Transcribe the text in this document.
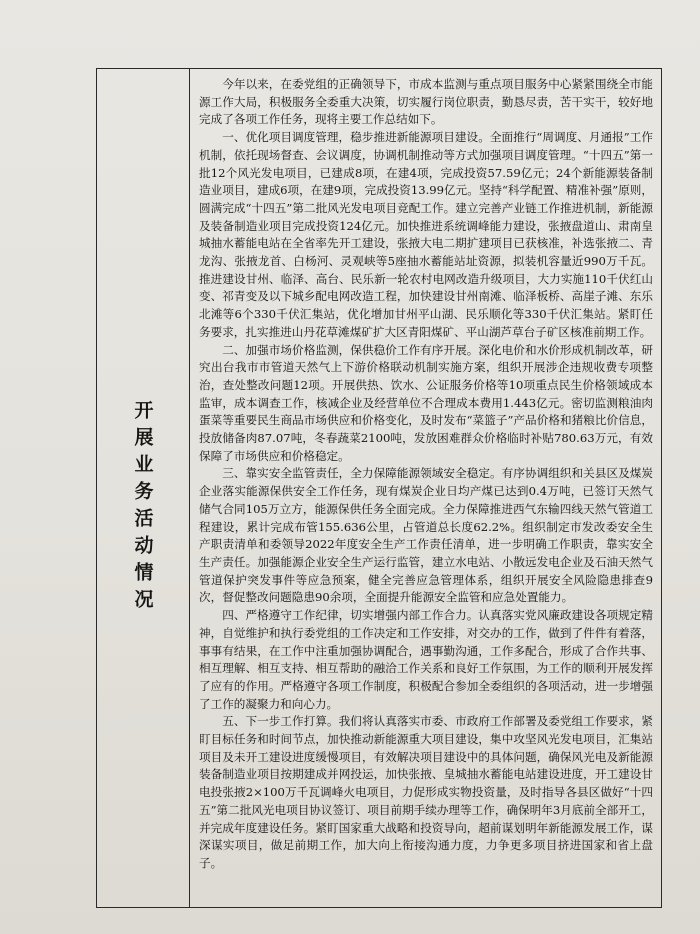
开展业务活动情况

今年以来，在委党组的正确领导下，市成本监测与重点项目服务中心紧紧围绕全市能源工作大局，积极服务全委重大决策，切实履行岗位职责，勤恳尽责，苦干实干，较好地完成了各项工作任务，现将主要工作总结如下。

一、优化项目调度管理，稳步推进新能源项目建设。全面推行“周调度、月通报”工作机制，依托现场督查、会议调度，协调机制推动等方式加强项目调度管理。“十四五”第一批12个风光发电项目，已建成8项，在建4项，完成投资57.59亿元；24个新能源装备制造业项目，建成6项，在建9项，完成投资13.99亿元。坚持“科学配置、精准补强”原则，圆满完成“十四五”第二批风光发电项目竞配工作。建立完善产业链工作推进机制，新能源及装备制造业项目完成投资124亿元。加快推进系统调峰能力建设，张掖盘道山、肃南皇城抽水蓄能电站在全省率先开工建设，张掖大电二期扩建项目已获核准，补选张掖二、青龙沟、张掖龙首、白杨河、灵观峡等5座抽水蓄能站址资源，拟装机容量近990万千瓦。推进建设甘州、临泽、高台、民乐新一轮农村电网改造升级项目，大力实施110千伏红山变、祁青变及以下城乡配电网改造工程，加快建设甘州南滩、临泽板桥、高崖子滩、东乐北滩等6个330千伏汇集站，优化增加甘州平山湖、民乐顺化等330千伏汇集站。紧盯任务要求，扎实推进山丹花草滩煤矿扩大区青阳煤矿、平山湖芦草台子矿区核准前期工作。

二、加强市场价格监测，保供稳价工作有序开展。深化电价和水价形成机制改革，研究出台我市市管道天然气上下游价格联动机制实施方案，组织开展涉企违规收费专项整治，查处整改问题12项。开展供热、饮水、公证服务价格等10项重点民生价格领域成本监审，成本调查工作，核减企业及经营单位不合理成本费用1.443亿元。密切监测粮油肉蛋菜等重要民生商品市场供应和价格变化，及时发布“菜篮子”产品价格和猪粮比价信息，投放储备肉87.07吨，冬春蔬菜2100吨，发放困难群众价格临时补贴780.63万元，有效保障了市场供应和价格稳定。

三、靠实安全监管责任，全力保障能源领域安全稳定。有序协调组织和关县区及煤炭企业落实能源保供安全工作任务，现有煤炭企业日均产煤已达到0.4万吨，已签订天然气储气合同105万立方，能源保供任务全面完成。全力保障推进西气东输四线天然气管道工程建设，累计完成布管155.636公里，占管道总长度62.2%。组织制定市发改委安全生产职责清单和委领导2022年度安全生产工作责任清单，进一步明确工作职责，靠实安全生产责任。加强能源企业安全生产运行监管，建立水电站、小散远发电企业及石油天然气管道保护突发事件等应急预案，健全完善应急管理体系，组织开展安全风险隐患排查9次，督促整改问题隐患90余项，全面提升能源安全监管和应急处置能力。

四、严格遵守工作纪律，切实增强内部工作合力。认真落实党风廉政建设各项规定精神，自觉维护和执行委党组的工作决定和工作安排，对交办的工作，做到了件件有着落，事事有结果，在工作中注重加强协调配合，遇事勤沟通，工作多配合，形成了合作共事、相互理解、相互支持、相互帮助的融洽工作关系和良好工作氛围，为工作的顺利开展发挥了应有的作用。严格遵守各项工作制度，积极配合参加全委组织的各项活动，进一步增强了工作的凝聚力和向心力。

五、下一步工作打算。我们将认真落实市委、市政府工作部署及委党组工作要求，紧盯目标任务和时间节点，加快推动新能源重大项目建设，集中攻坚风光发电项目，汇集站项目及未开工建设进度缓慢项目，有效解决项目建设中的具体问题，确保风光电及新能源装备制造业项目按期建成并网投运，加快张掖、皇城抽水蓄能电站建设进度，开工建设甘电投张掖2×100万千瓦调峰火电项目，力促形成实物投资量，及时指导各县区做好“十四五”第二批风光电项目协议签订、项目前期手续办理等工作，确保明年3月底前全部开工，并完成年度建设任务。紧盯国家重大战略和投资导向，超前谋划明年新能源发展工作，谋深谋实项目，做足前期工作，加大向上衔接沟通力度，力争更多项目挤进国家和省上盘子。
